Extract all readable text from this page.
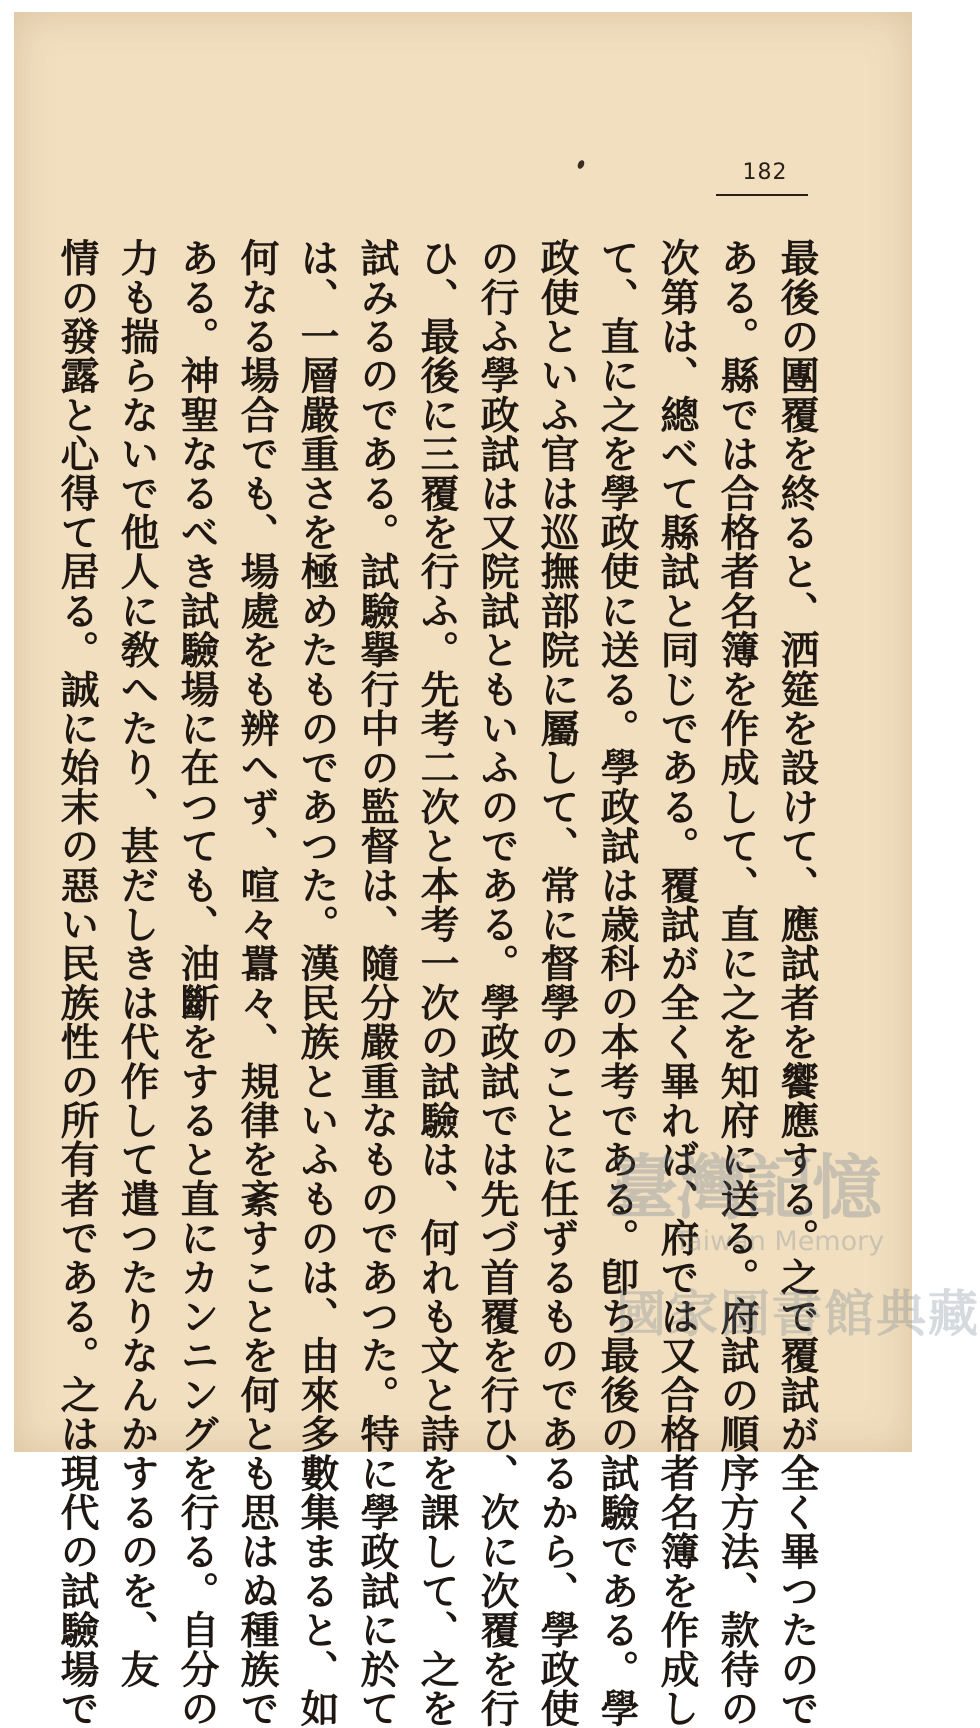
182
最後の團覆を終ると、洒筵を設けて、應試者を饗應する。之で覆試が全く畢つたので
ある。縣では合格者名簿を作成して、直に之を知府に送る。府試の順序方法、款待の
次第は、總べて縣試と同じである。覆試が全く畢れば、府では又合格者名簿を作成し
て、直に之を學政使に送る。學政試は歳科の本考である。卽ち最後の試驗である。學
政使といふ官は巡撫部院に屬して、常に督學のことに任ずるものであるから、學政使
の行ふ學政試は又院試ともいふのである。學政試では先づ首覆を行ひ、次に次覆を行
ひ、最後に三覆を行ふ。先考二次と本考一次の試驗は、何れも文と詩を課して、之を
試みるのである。試驗擧行中の監督は、隨分嚴重なものであつた。特に學政試に於て
は、一層嚴重さを極めたものであつた。漢民族といふものは、由來多數集まると、如
何なる場合でも、場處をも辨へず、喧々囂々、規律を紊すことを何とも思はぬ種族で
ある。神聖なるべき試驗場に在つても、油斷をすると直にカンニングを行る。自分の
力も揣らないで他人に敎へたり、甚だしきは代作して遣つたりなんかするのを、友
情の發露と心得て居る。誠に始末の惡い民族性の所有者である。之は現代の試驗場で	臺灣記憶
Taiwan Memory
國家圖書館典藏
